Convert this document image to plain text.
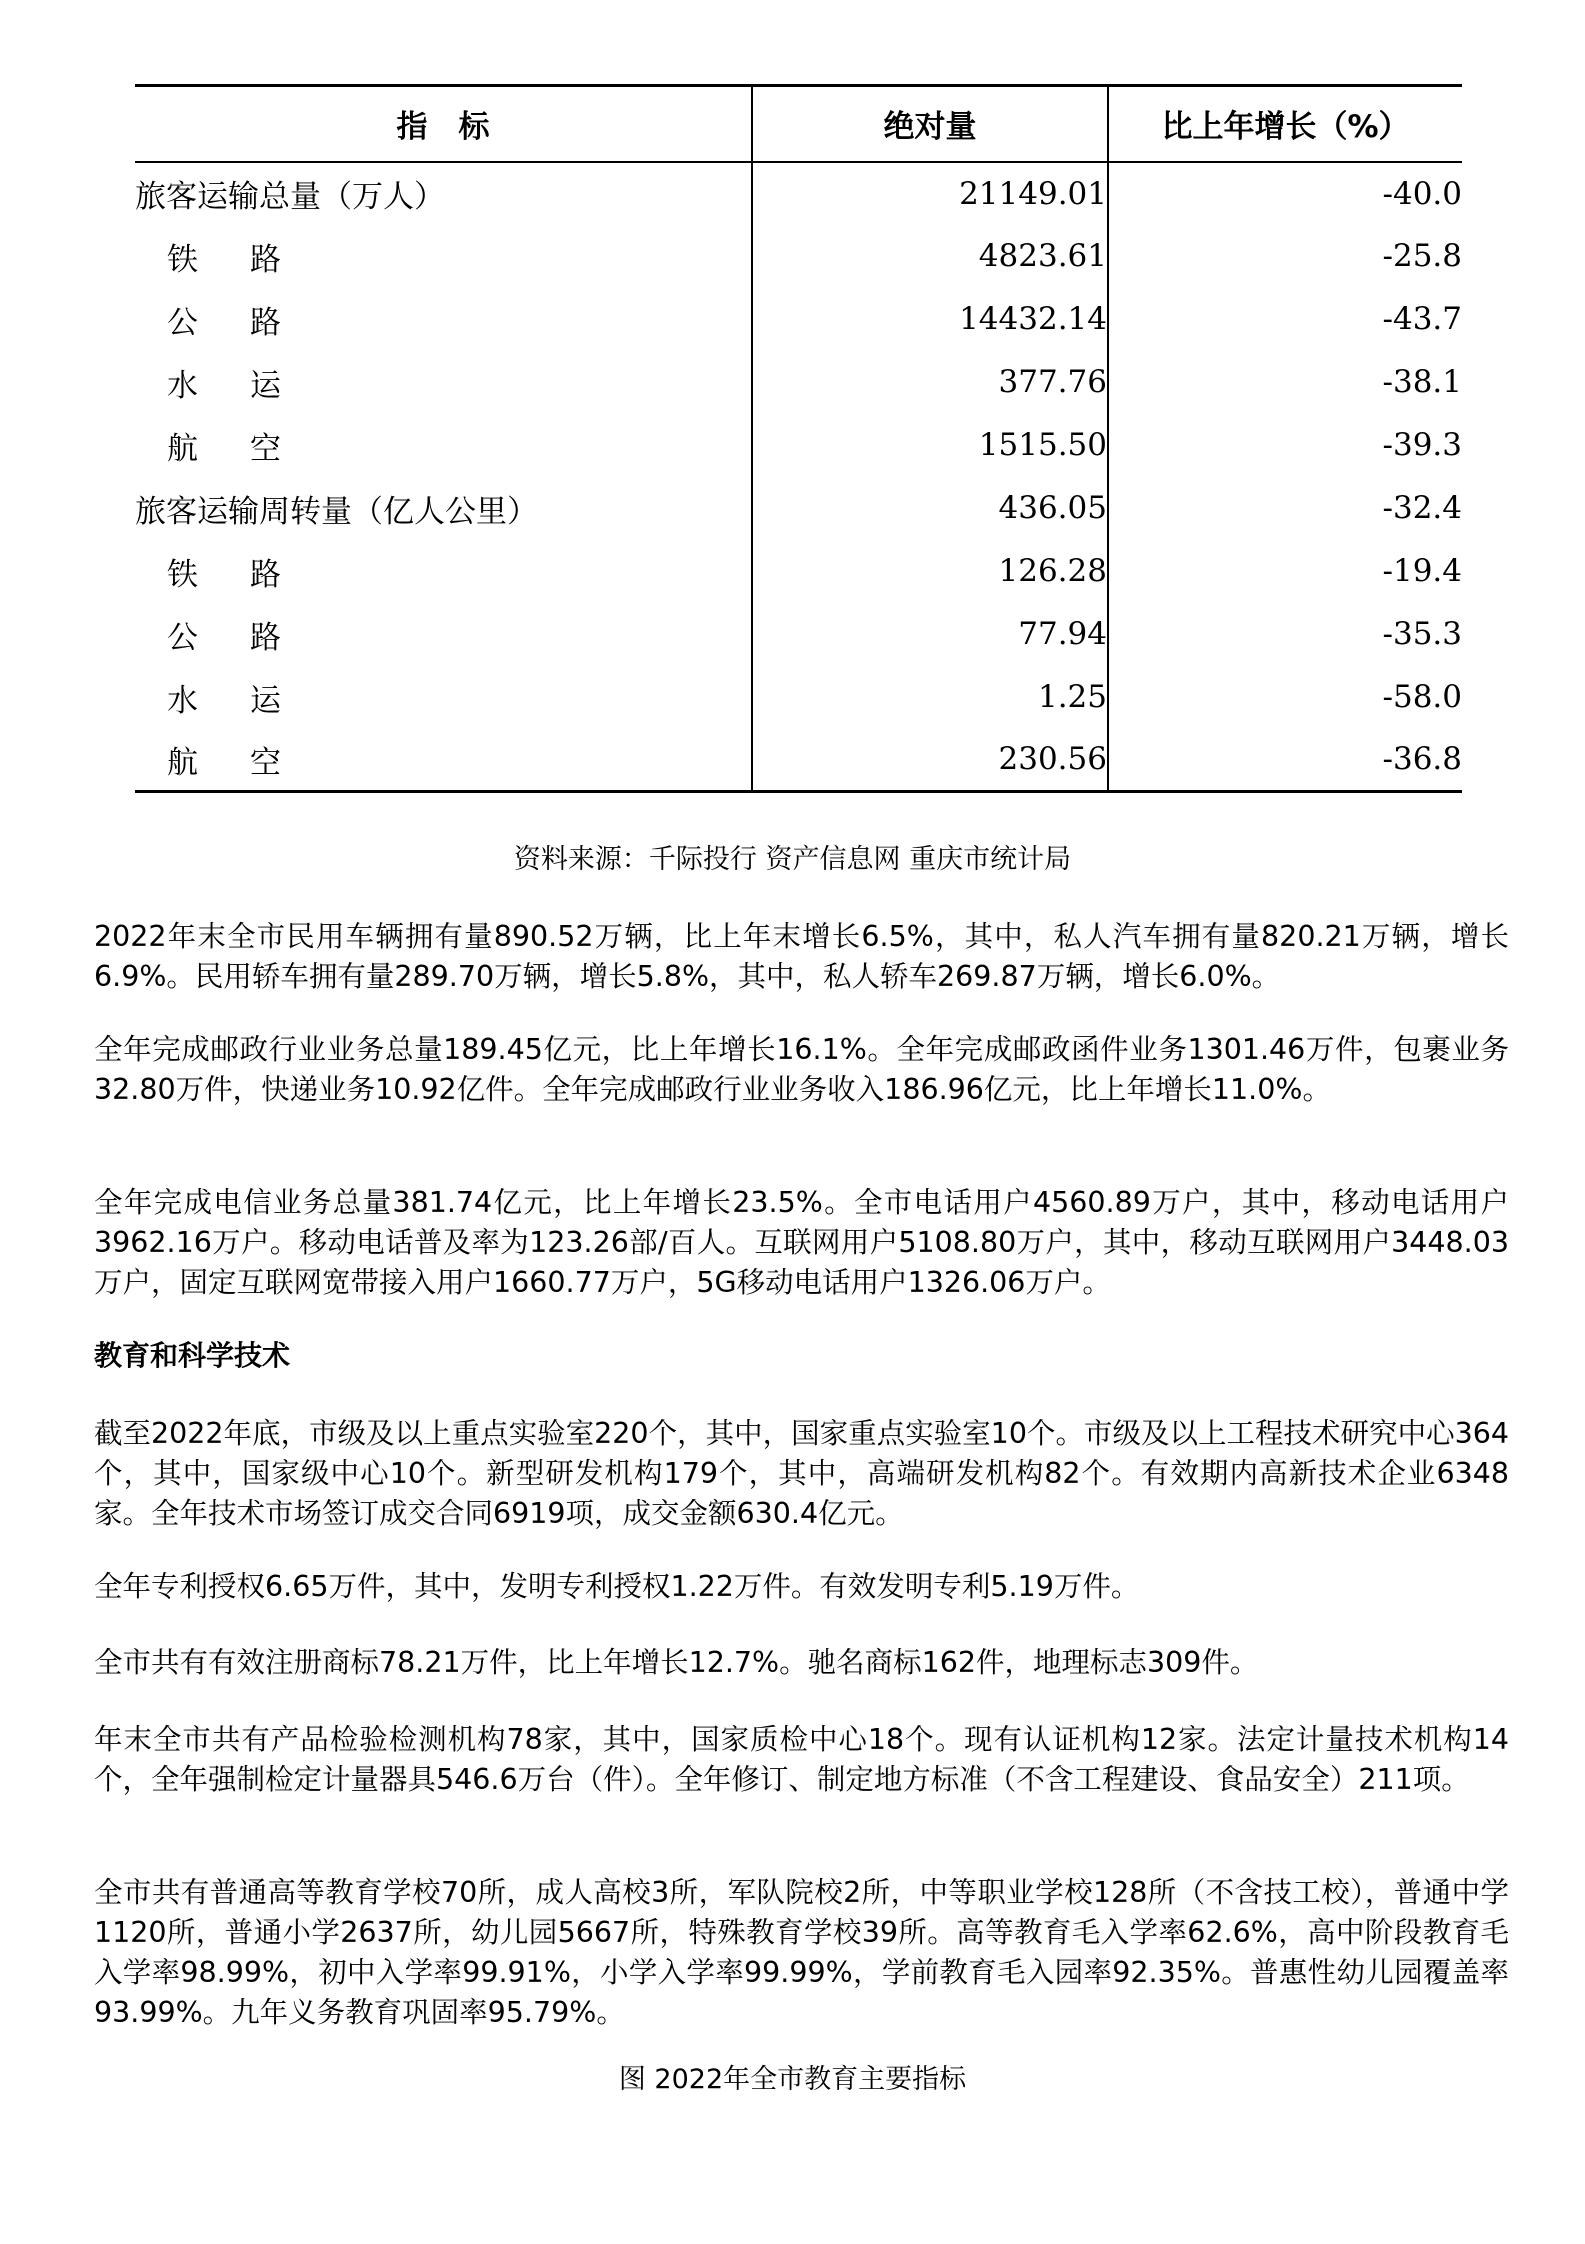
指　标	绝对量	比上年增长（%）
旅客运输总量（万人）	21149.01	-40.0
铁 路	4823.61	-25.8
公 路	14432.14	-43.7
水 运	377.76	-38.1
航 空	1515.50	-39.3
旅客运输周转量（亿人公里）	436.05	-32.4
铁 路	126.28	-19.4
公 路	77.94	-35.3
水 运	1.25	-58.0
航 空	230.56	-36.8
资料来源：千际投行 资产信息网 重庆市统计局

2022年末全市民用车辆拥有量890.52万辆，比上年末增长6.5%，其中，私人汽车拥有量820.21万辆，增长6.9%。民用轿车拥有量289.70万辆，增长5.8%，其中，私人轿车269.87万辆，增长6.0%。

全年完成邮政行业业务总量189.45亿元，比上年增长16.1%。全年完成邮政函件业务1301.46万件，包裹业务32.80万件，快递业务10.92亿件。全年完成邮政行业业务收入186.96亿元，比上年增长11.0%。

全年完成电信业务总量381.74亿元，比上年增长23.5%。全市电话用户4560.89万户，其中，移动电话用户3962.16万户。移动电话普及率为123.26部/百人。互联网用户5108.80万户，其中，移动互联网用户3448.03万户，固定互联网宽带接入用户1660.77万户，5G移动电话用户1326.06万户。

教育和科学技术

截至2022年底，市级及以上重点实验室220个，其中，国家重点实验室10个。市级及以上工程技术研究中心364个，其中，国家级中心10个。新型研发机构179个，其中，高端研发机构82个。有效期内高新技术企业6348家。全年技术市场签订成交合同6919项，成交金额630.4亿元。

全年专利授权6.65万件，其中，发明专利授权1.22万件。有效发明专利5.19万件。

全市共有有效注册商标78.21万件，比上年增长12.7%。驰名商标162件，地理标志309件。

年末全市共有产品检验检测机构78家，其中，国家质检中心18个。现有认证机构12家。法定计量技术机构14个，全年强制检定计量器具546.6万台（件）。全年修订、制定地方标准（不含工程建设、食品安全）211项。

全市共有普通高等教育学校70所，成人高校3所，军队院校2所，中等职业学校128所（不含技工校），普通中学1120所，普通小学2637所，幼儿园5667所，特殊教育学校39所。高等教育毛入学率62.6%，高中阶段教育毛入学率98.99%，初中入学率99.91%，小学入学率99.99%，学前教育毛入园率92.35%。普惠性幼儿园覆盖率93.99%。九年义务教育巩固率95.79%。

图 2022年全市教育主要指标
